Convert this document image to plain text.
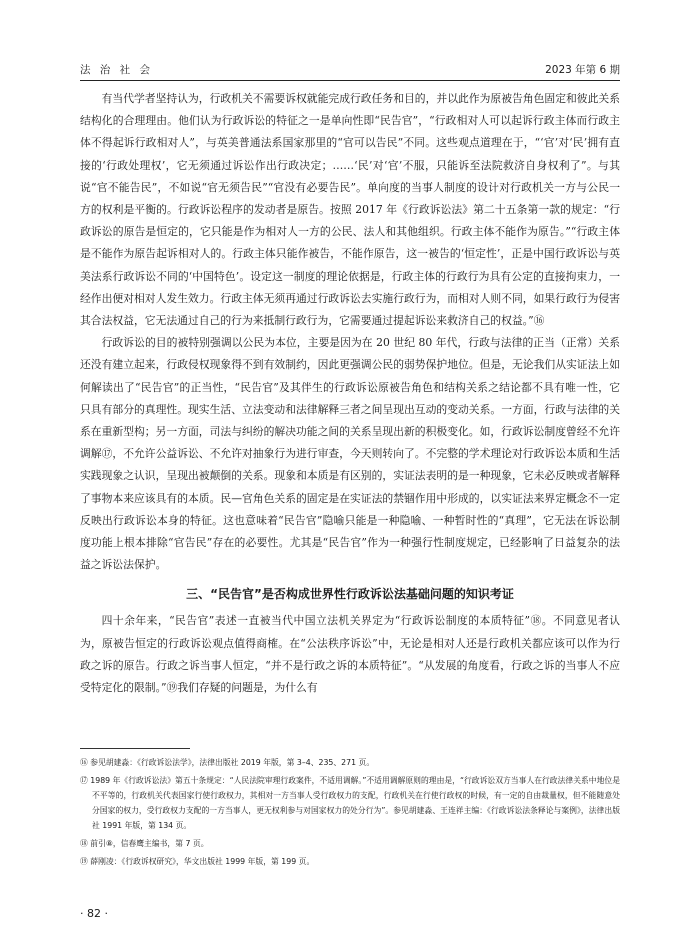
法 治 社 会	2023 年第 6 期

有当代学者坚持认为，行政机关不需要诉权就能完成行政任务和目的，并以此作为原被告角色固定和彼此关系结构化的合理理由。他们认为行政诉讼的特征之一是单向性即“民告官”，“行政相对人可以起诉行政主体而行政主体不得起诉行政相对人”，与英美普通法系国家那里的“官可以告民”不同。这些观点道理在于，“‘官’对‘民’拥有直接的‘行政处理权’，它无须通过诉讼作出行政决定；……‘民’对‘官’不服，只能诉至法院救济自身权利了”。与其说“官不能告民”，不如说“官无须告民”“官没有必要告民”。单向度的当事人制度的设计对行政机关一方与公民一方的权利是平衡的。行政诉讼程序的发动者是原告。按照 2017 年《行政诉讼法》第二十五条第一款的规定：“行政诉讼的原告是恒定的，它只能是作为相对人一方的公民、法人和其他组织。行政主体不能作为原告。”“行政主体是不能作为原告起诉相对人的。行政主体只能作被告，不能作原告，这一被告的‘恒定性’，正是中国行政诉讼与英美法系行政诉讼不同的‘中国特色’。设定这一制度的理论依据是，行政主体的行政行为具有公定的直接拘束力，一经作出便对相对人发生效力。行政主体无须再通过行政诉讼去实施行政行为，而相对人则不同，如果行政行为侵害其合法权益，它无法通过自己的行为来抵制行政行为，它需要通过提起诉讼来救济自己的权益。”⑯

行政诉讼的目的被特别强调以公民为本位，主要是因为在 20 世纪 80 年代，行政与法律的正当（正常）关系还没有建立起来，行政侵权现象得不到有效制约，因此更强调公民的弱势保护地位。但是，无论我们从实证法上如何解读出了“民告官”的正当性，“民告官”及其伴生的行政诉讼原被告角色和结构关系之结论都不具有唯一性，它只具有部分的真理性。现实生活、立法变动和法律解释三者之间呈现出互动的变动关系。一方面，行政与法律的关系在重新型构；另一方面，司法与纠纷的解决功能之间的关系呈现出新的积极变化。如，行政诉讼制度曾经不允许调解⑰，不允许公益诉讼、不允许对抽象行为进行审查，今天则转向了。不完整的学术理论对行政诉讼本质和生活实践现象之认识，呈现出被颠倒的关系。现象和本质是有区别的，实证法表明的是一种现象，它未必反映或者解释了事物本来应该具有的本质。民—官角色关系的固定是在实证法的禁锢作用中形成的，以实证法来界定概念不一定反映出行政诉讼本身的特征。这也意味着“民告官”隐喻只能是一种隐喻、一种暂时性的“真理”，它无法在诉讼制度功能上根本排除“官告民”存在的必要性。尤其是“民告官”作为一种强行性制度规定，已经影响了日益复杂的法益之诉讼法保护。

三、“民告官”是否构成世界性行政诉讼法基础问题的知识考证

四十余年来，“民告官”表述一直被当代中国立法机关界定为“行政诉讼制度的本质特征”⑱。不同意见者认为，原被告恒定的行政诉讼观点值得商榷。在“公法秩序诉讼”中，无论是相对人还是行政机关都应该可以作为行政之诉的原告。行政之诉当事人恒定，“并不是行政之诉的本质特征”。“从发展的角度看，行政之诉的当事人不应受特定化的限制。”⑲我们存疑的问题是，为什么有

⑯ 参见胡建淼：《行政诉讼法学》，法律出版社 2019 年版，第 3–4、235、271 页。

⑰ 1989 年《行政诉讼法》第五十条规定：“人民法院审理行政案件，不适用调解。”不适用调解原则的理由是，“行政诉讼双方当事人在行政法律关系中地位是不平等的，行政机关代表国家行使行政权力，其相对一方当事人受行政权力的支配，行政机关在行使行政权的时候，有一定的自由裁量权，但不能随意处分国家的权力，受行政权力支配的一方当事人，更无权利参与对国家权力的处分行为”。参见胡建淼、王连祥主编：《行政诉讼法条释论与案例》，法律出版社 1991 年版，第 134 页。

⑱ 前引⑧，信春鹰主编书，第 7 页。

⑲ 薛刚凌：《行政诉权研究》，华文出版社 1999 年版，第 199 页。

· 82 ·
